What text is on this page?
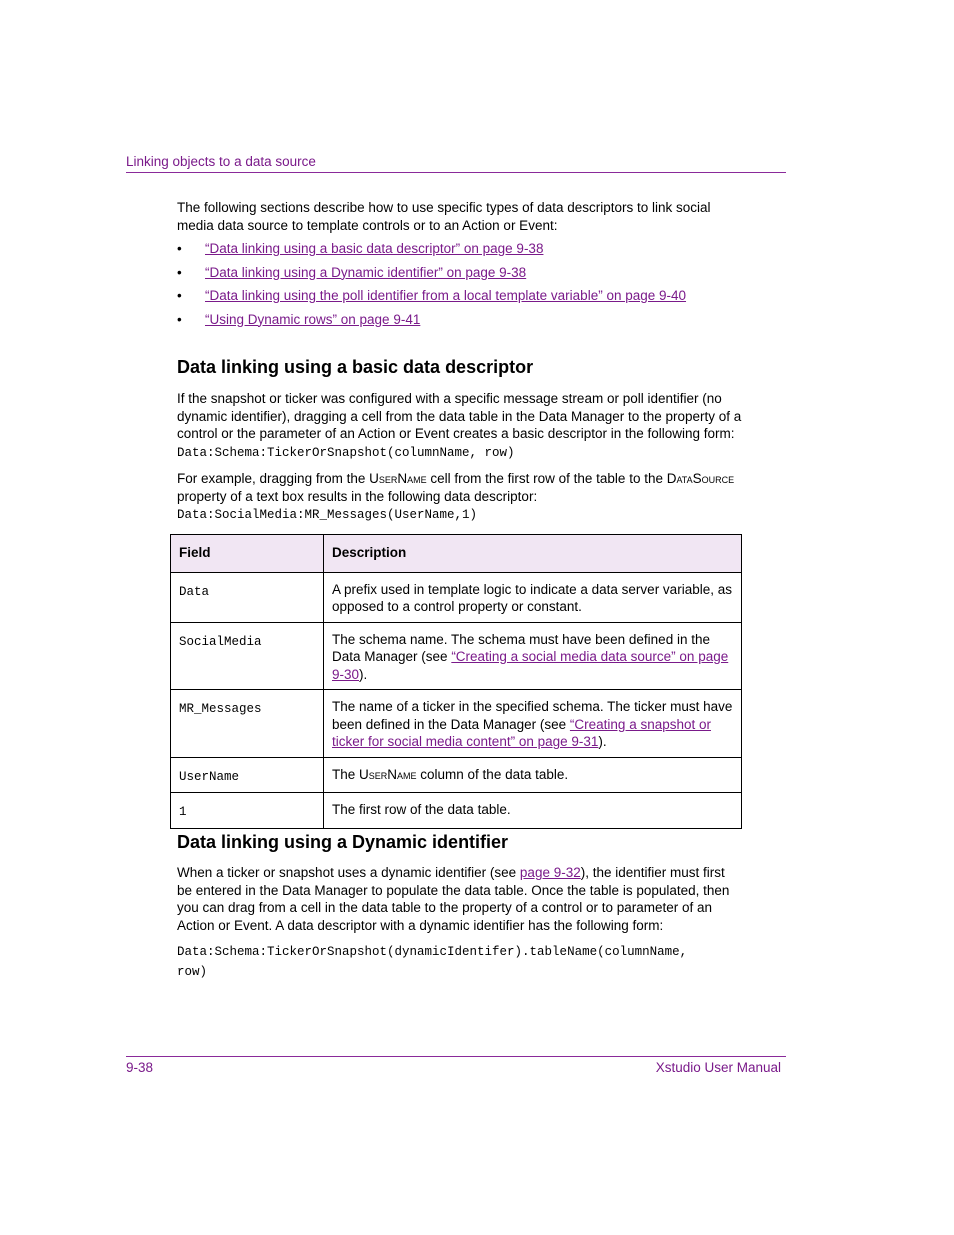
Linking objects to a data source

The following sections describe how to use specific types of data descriptors to link social media data source to template controls or to an Action or Event:

• “Data linking using a basic data descriptor” on page 9-38
• “Data linking using a Dynamic identifier” on page 9-38
• “Data linking using the poll identifier from a local template variable” on page 9-40
• “Using Dynamic rows” on page 9-41
Data linking using a basic data descriptor

If the snapshot or ticker was configured with a specific message stream or poll identifier (no dynamic identifier), dragging a cell from the data table in the Data Manager to the property of a control or the parameter of an Action or Event creates a basic descriptor in the following form: Data:Schema:TickerOrSnapshot(columnName, row)

For example, dragging from the UserName cell from the first row of the table to the DataSource property of a text box results in the following data descriptor:
Data:SocialMedia:MR_Messages(UserName,1)

Field	Description
Data	A prefix used in template logic to indicate a data server variable, as opposed to a control property or constant.
SocialMedia	The schema name. The schema must have been defined in the Data Manager (see “Creating a social media data source” on page 9-30).
MR_Messages	The name of a ticker in the specified schema. The ticker must have been defined in the Data Manager (see “Creating a snapshot or ticker for social media content” on page 9-31).
UserName	The UserName column of the data table.
1	The first row of the data table.
Data linking using a Dynamic identifier

When a ticker or snapshot uses a dynamic identifier (see page 9-32), the identifier must first be entered in the Data Manager to populate the data table. Once the table is populated, then you can drag from a cell in the data table to the property of a control or to parameter of an Action or Event. A data descriptor with a dynamic identifier has the following form:

Data:Schema:TickerOrSnapshot(dynamicIdentifer).tableName(columnName,
row)

9-38	Xstudio User Manual
